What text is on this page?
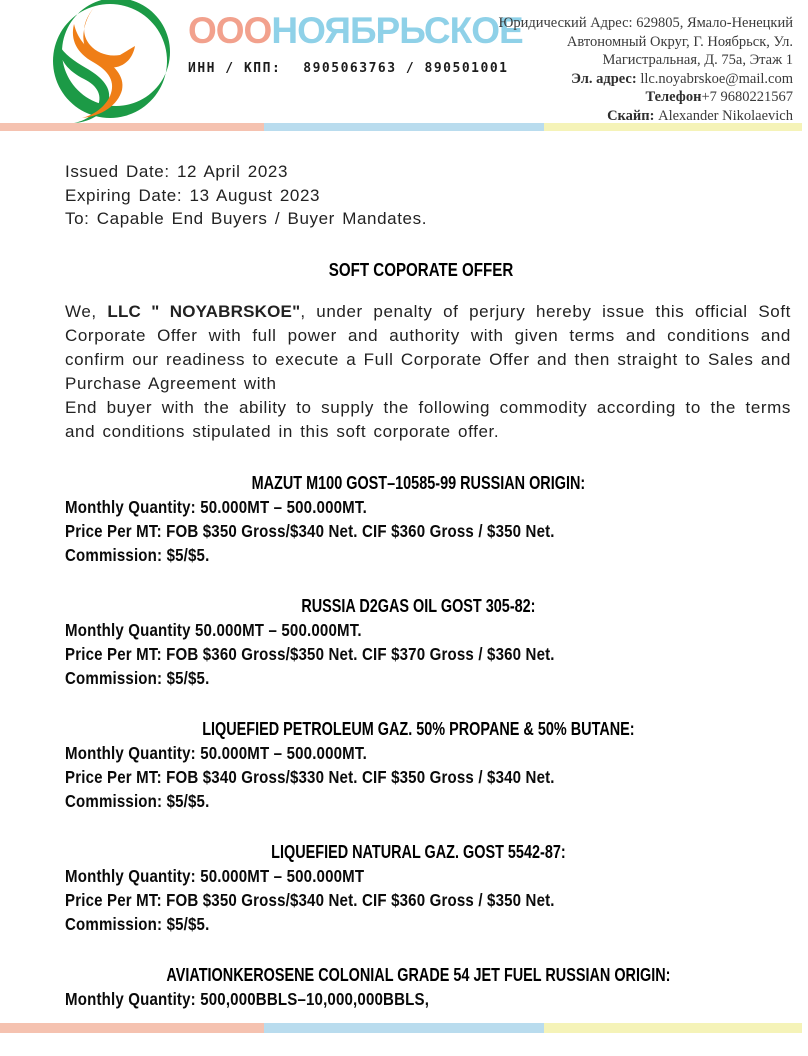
ОООНОЯБРЬСКОЕ
ИНН / КПП: 8905063763 / 890501001
Юридический Адрес: 629805, Ямало-Ненецкий
Автономный Округ, Г. Ноябрьск, Ул.
Магистральная, Д. 75а, Этаж 1
Эл. адрес: llc.noyabrskoe@mail.com
Телефон+7 9680221567
Скайп: Alexander Nikolaevich
Issued Date: 12 April 2023
Expiring Date: 13 August 2023
To: Capable End Buyers / Buyer Mandates.
SOFT COPORATE OFFER

We, LLC " NOYABRSKOE", under penalty of perjury hereby issue this official Soft Corporate Offer with full power and authority with given terms and conditions and confirm our readiness to execute a Full Corporate Offer and then straight to Sales and Purchase Agreement with

End buyer with the ability to supply the following commodity according to the terms and conditions stipulated in this soft corporate offer.

MAZUT M100 GOST–10585-99 RUSSIAN ORIGIN:
Monthly Quantity: 50.000MT – 500.000MT.
Price Per MT: FOB $350 Gross/$340 Net. CIF $360 Gross / $350 Net.
Commission: $5/$5.
RUSSIA D2GAS OIL GOST 305-82:
Monthly Quantity 50.000MT – 500.000MT.
Price Per MT: FOB $360 Gross/$350 Net. CIF $370 Gross / $360 Net.
Commission: $5/$5.
LIQUEFIED PETROLEUM GAZ. 50% PROPANE & 50% BUTANE:
Monthly Quantity: 50.000MT – 500.000MT.
Price Per MT: FOB $340 Gross/$330 Net. CIF $350 Gross / $340 Net.
Commission: $5/$5.
LIQUEFIED NATURAL GAZ. GOST 5542-87:
Monthly Quantity: 50.000MT – 500.000MT
Price Per MT: FOB $350 Gross/$340 Net. CIF $360 Gross / $350 Net.
Commission: $5/$5.
AVIATIONKEROSENE COLONIAL GRADE 54 JET FUEL RUSSIAN ORIGIN:
Monthly Quantity: 500,000BBLS–10,000,000BBLS,
